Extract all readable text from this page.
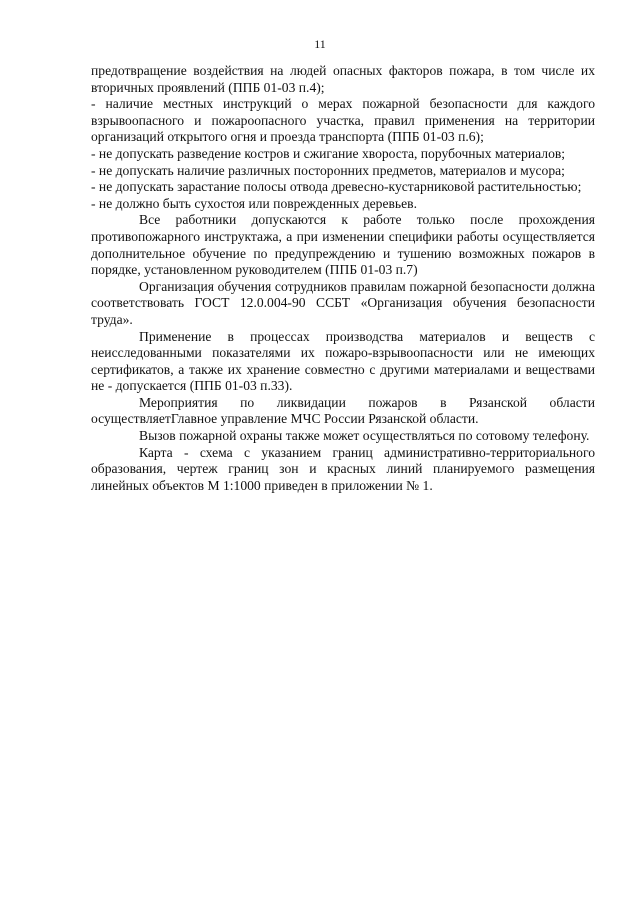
11

предотвращение воздействия на людей опасных факторов пожара, в том числе их вторичных проявлений (ППБ 01-03 п.4);

- наличие местных инструкций о мерах пожарной безопасности для каждого взрывоопасного и пожароопасного участка, правил применения на территории организаций открытого огня и проезда транспорта (ППБ 01-03 п.6);

- не допускать разведение костров и сжигание хвороста, порубочных материалов;

- не допускать наличие различных посторонних предметов, материалов и мусора;

- не допускать зарастание полосы отвода древесно-кустарниковой растительностью;

- не должно быть сухостоя или поврежденных деревьев.

Все работники допускаются к работе только после прохождения противопожарного инструктажа, а при изменении специфики работы осуществляется дополнительное обучение по предупреждению и тушению возможных пожаров в порядке, установленном руководителем (ППБ 01-03 п.7)

Организация обучения сотрудников правилам пожарной безопасности должна соответствовать ГОСТ 12.0.004-90 ССБТ «Организация обучения безопасности труда».

Применение в процессах производства материалов и веществ с неисследованными показателями их пожаро-взрывоопасности или не имеющих сертификатов, а также их хранение совместно с другими материалами и веществами не - допускается (ППБ 01-03 п.33).

Мероприятия по ликвидации пожаров в Рязанской области осуществляетГлавное управление МЧС России Рязанской области.

Вызов пожарной охраны также может осуществляться по сотовому телефону.

Карта - схема с указанием границ административно-территориального образования, чертеж границ зон и красных линий планируемого размещения линейных объектов М 1:1000 приведен в приложении № 1.
